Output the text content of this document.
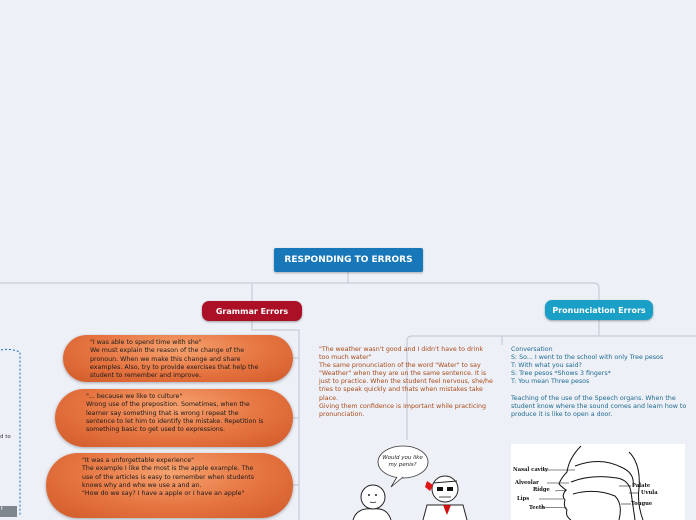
d to
t
RESPONDING TO ERRORS
Grammar Errors	Pronunciation Errors
"I was able to spend time with she"
We must explain the reason of the change of the pronoun. When we make this change and share examples. Also, try to provide exercises that help the student to remember and improve.
"... because we like to culture"
Wrong use of the preposition. Sometimes, when the learner say something that is wrong I repeat the sentence to let him to identify the mistake. Repetition is something basic to get used to expressions.
"It was a unforgettable experience"
The example I like the most is the apple example. The use of the articles is easy to remember when students knows why and whe we use a and an.
"How do we say? I have a apple or I have an apple"
"The weather wasn't good and I didn't have to drink too much water"
The same pronunciation of the word "Water" to say "Weather" when they are un the same sentence. It is just to practice. When the student feel nervous, she/he tries to speak quickly and thats when mistakes take place.
Giving them confidence is important while practicing pronunciation.
Conversation
S: So... I went to the school with only Tree pesos
T: With what you said?
S: Tree pesos *Shows 3 fingers*
T: You mean Three pesos

Teaching of the use of the Speech organs. When the student know where the sound comes and learn how to produce it is like to open a door.
Would you like my penis?
Nasal cavity
Alveolar
Ridge
Lips
Teeth
Palate
Uvula
Tongue
